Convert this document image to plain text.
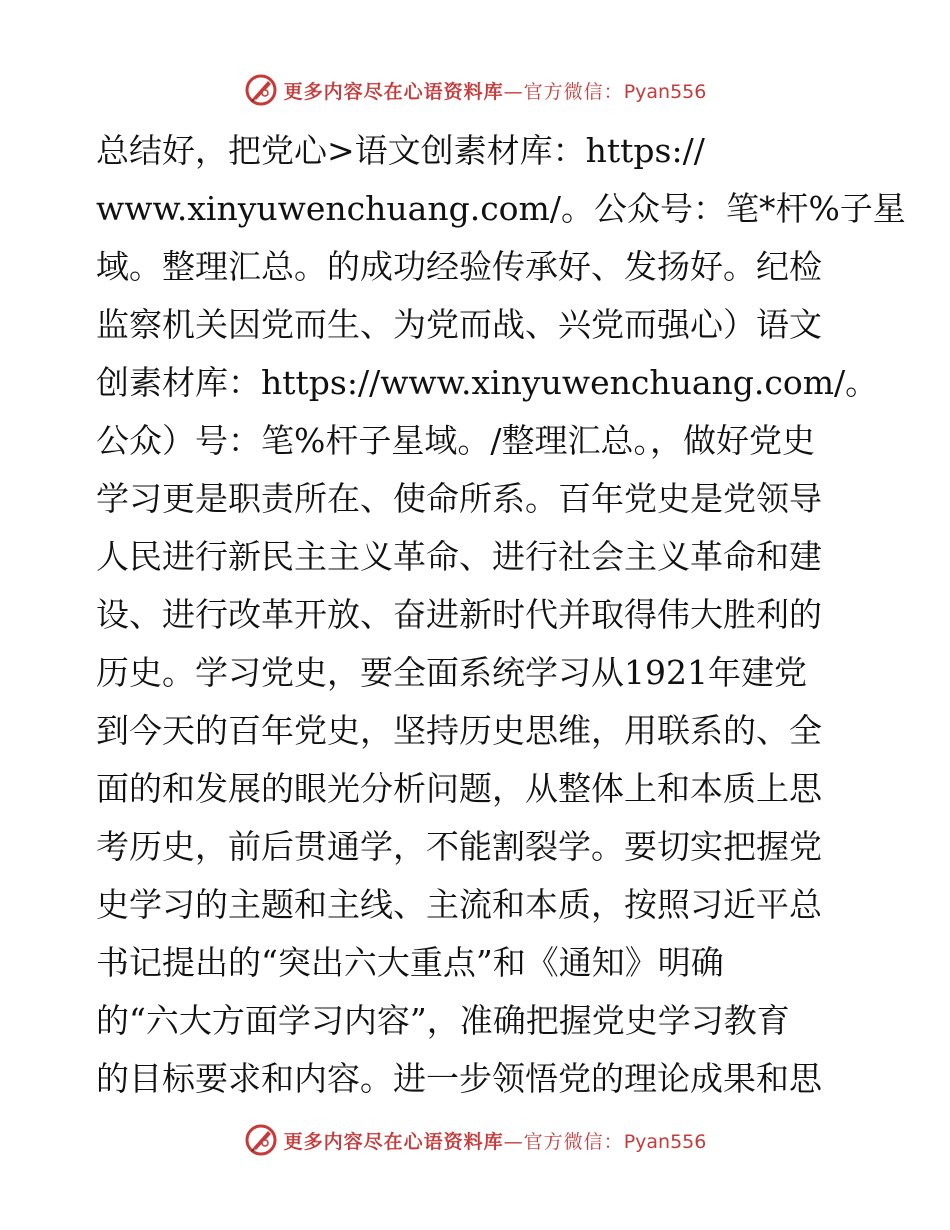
更多内容尽在心语资料库—官方微信：Pyan556
总结好，把党心>语文创素材库：https://
www.xinyuwenchuang.com/。公众号：笔*杆%子星
域。整理汇总。的成功经验传承好、发扬好。纪检
监察机关因党而生、为党而战、兴党而强心）语文
创素材库：https://www.xinyuwenchuang.com/。
公众）号：笔%杆子星域。/整理汇总。，做好党史
学习更是职责所在、使命所系。百年党史是党领导
人民进行新民主主义革命、进行社会主义革命和建
设、进行改革开放、奋进新时代并取得伟大胜利的
历史。学习党史，要全面系统学习从1921年建党
到今天的百年党史，坚持历史思维，用联系的、全
面的和发展的眼光分析问题，从整体上和本质上思
考历史，前后贯通学，不能割裂学。要切实把握党
史学习的主题和主线、主流和本质，按照习近平总
书记提出的“突出六大重点”和《通知》明确
的“六大方面学习内容”，准确把握党史学习教育
的目标要求和内容。进一步领悟党的理论成果和思
更多内容尽在心语资料库—官方微信：Pyan556
